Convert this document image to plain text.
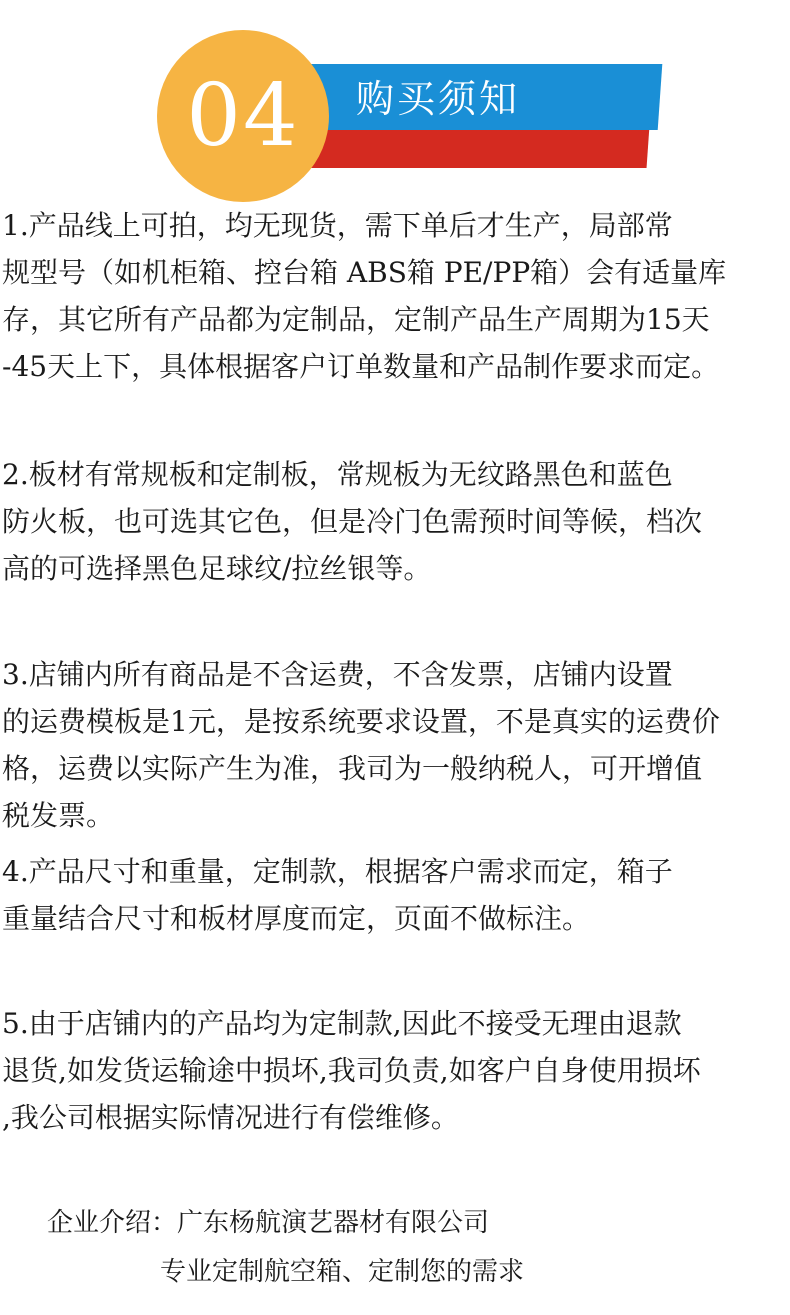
04	购买须知
1.产品线上可拍，均无现货，需下单后才生产，局部常
规型号（如机柜箱、控台箱 ABS箱 PE/PP箱）会有适量库
存，其它所有产品都为定制品，定制产品生产周期为15天
-45天上下，具体根据客户订单数量和产品制作要求而定。
2.板材有常规板和定制板，常规板为无纹路黑色和蓝色
防火板，也可选其它色，但是冷门色需预时间等候，档次
高的可选择黑色足球纹/拉丝银等。
3.店铺内所有商品是不含运费，不含发票，店铺内设置
的运费模板是1元，是按系统要求设置，不是真实的运费价
格，运费以实际产生为准，我司为一般纳税人，可开增值
税发票。
4.产品尺寸和重量，定制款，根据客户需求而定，箱子
重量结合尺寸和板材厚度而定，页面不做标注。
5.由于店铺内的产品均为定制款,因此不接受无理由退款
退货,如发货运输途中损坏,我司负责,如客户自身使用损坏
,我公司根据实际情况进行有偿维修。
企业介绍：广东杨航演艺器材有限公司
专业定制航空箱、定制您的需求
